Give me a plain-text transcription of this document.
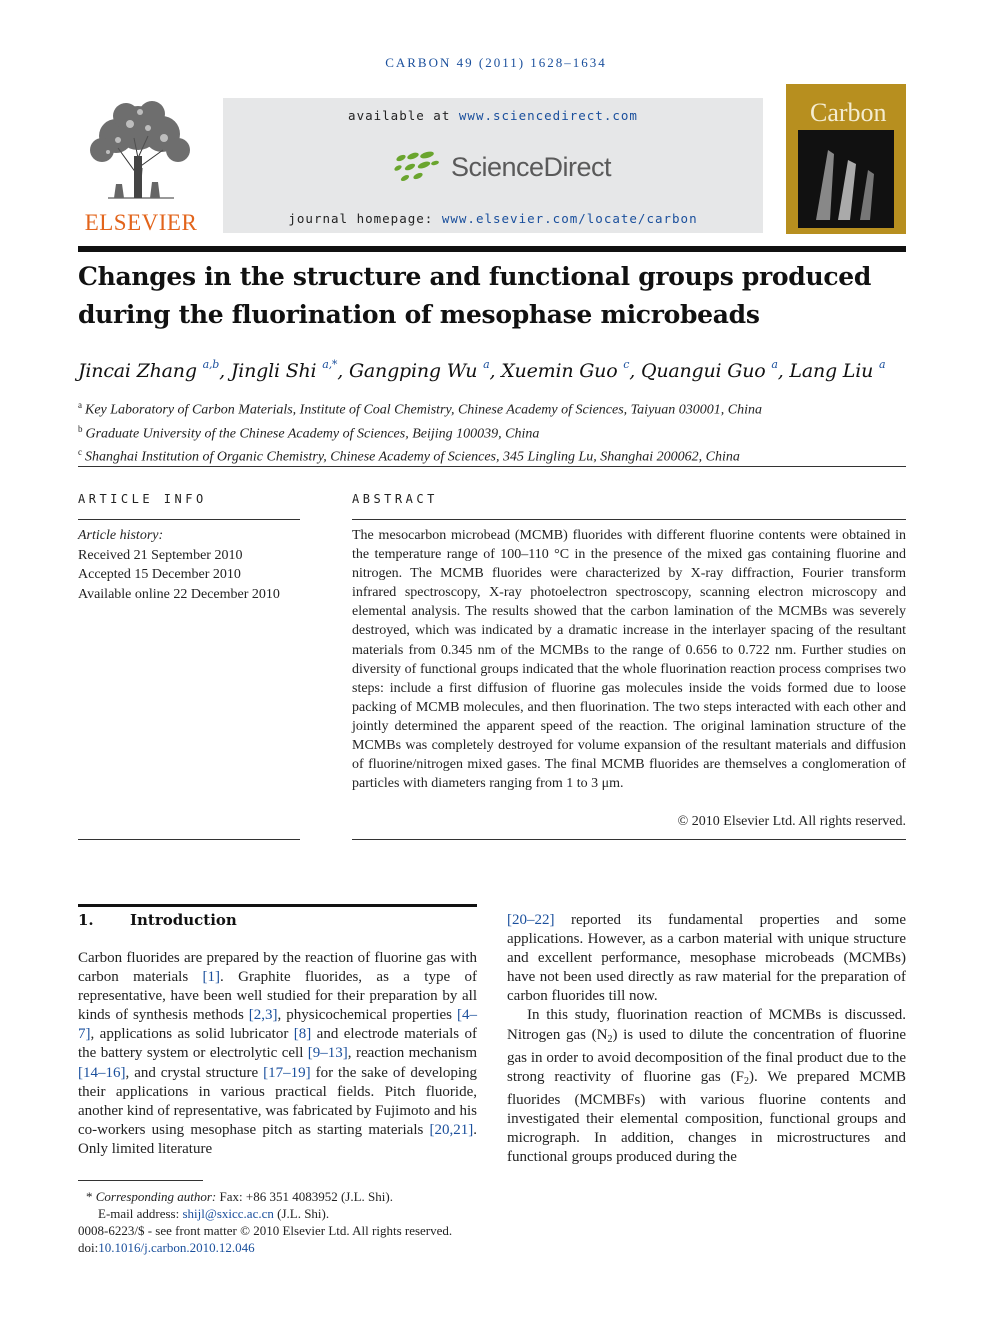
CARBON 49 (2011) 1628–1634
ELSEVIER
available at www.sciencedirect.com
ScienceDirect
journal homepage: www.elsevier.com/locate/carbon
Carbon
Changes in the structure and functional groups produced
during the fluorination of mesophase microbeads
Jincai Zhang $^{a,b}$, Jingli Shi $^{a,*}$, Gangping Wu $^a$, Xuemin Guo $^c$, Quangui Guo $^a$, Lang Liu $^a$
$^a$ Key Laboratory of Carbon Materials, Institute of Coal Chemistry, Chinese Academy of Sciences, Taiyuan 030001, China
$^b$ Graduate University of the Chinese Academy of Sciences, Beijing 100039, China
$^c$ Shanghai Institution of Organic Chemistry, Chinese Academy of Sciences, 345 Lingling Lu, Shanghai 200062, China
ARTICLE INFO
Article history:
Received 21 September 2010
Accepted 15 December 2010
Available online 22 December 2010
ABSTRACT
The mesocarbon microbead (MCMB) fluorides with different fluorine contents were obtained in the temperature range of 100–110 °C in the presence of the mixed gas containing fluorine and nitrogen. The MCMB fluorides were characterized by X-ray diffraction, Fourier transform infrared spectroscopy, X-ray photoelectron spectroscopy, scanning electron microscopy and elemental analysis. The results showed that the carbon lamination of the MCMBs was severely destroyed, which was indicated by a dramatic increase in the interlayer spacing of the resultant materials from 0.345 nm of the MCMBs to the range of 0.656 to 0.722 nm. Further studies on diversity of functional groups indicated that the whole fluorination reaction process comprises two steps: include a first diffusion of fluorine gas molecules inside the voids formed due to loose packing of MCMB molecules, and then fluorination. The two steps interacted with each other and jointly determined the apparent speed of the reaction. The original lamination structure of the MCMBs was completely destroyed for volume expansion of the resultant materials and diffusion of fluorine/nitrogen mixed gases. The final MCMB fluorides are themselves a conglomeration of particles with diameters ranging from 1 to 3 μm.
© 2010 Elsevier Ltd. All rights reserved.
1. Introduction

Carbon fluorides are prepared by the reaction of fluorine gas with carbon materials [1]. Graphite fluorides, as a type of representative, have been well studied for their preparation by all kinds of synthesis methods [2,3], physicochemical properties [4–7], applications as solid lubricator [8] and electrode materials of the battery system or electrolytic cell [9–13], reaction mechanism [14–16], and crystal structure [17–19] for the sake of developing their applications in various practical fields. Pitch fluoride, another kind of representative, was fabricated by Fujimoto and his co-workers using mesophase pitch as starting materials [20,21]. Only limited literature

[20–22] reported its fundamental properties and some applications. However, as a carbon material with unique structure and excellent performance, mesophase microbeads (MCMBs) have not been used directly as raw material for the preparation of carbon fluorides till now.

In this study, fluorination reaction of MCMBs is discussed. Nitrogen gas $(N_2)$ is used to dilute the concentration of fluorine gas in order to avoid decomposition of the final product due to the strong reactivity of fluorine gas $(F_2)$. We prepared MCMB fluorides (MCMBFs) with various fluorine contents and investigated their elemental composition, functional groups and micrograph. In addition, changes in microstructures and functional groups produced during the

* Corresponding author: Fax: +86 351 4083952 (J.L. Shi).
E-mail address: shijl@sxicc.ac.cn (J.L. Shi).
0008-6223/$ - see front matter © 2010 Elsevier Ltd. All rights reserved.
doi:10.1016/j.carbon.2010.12.046
